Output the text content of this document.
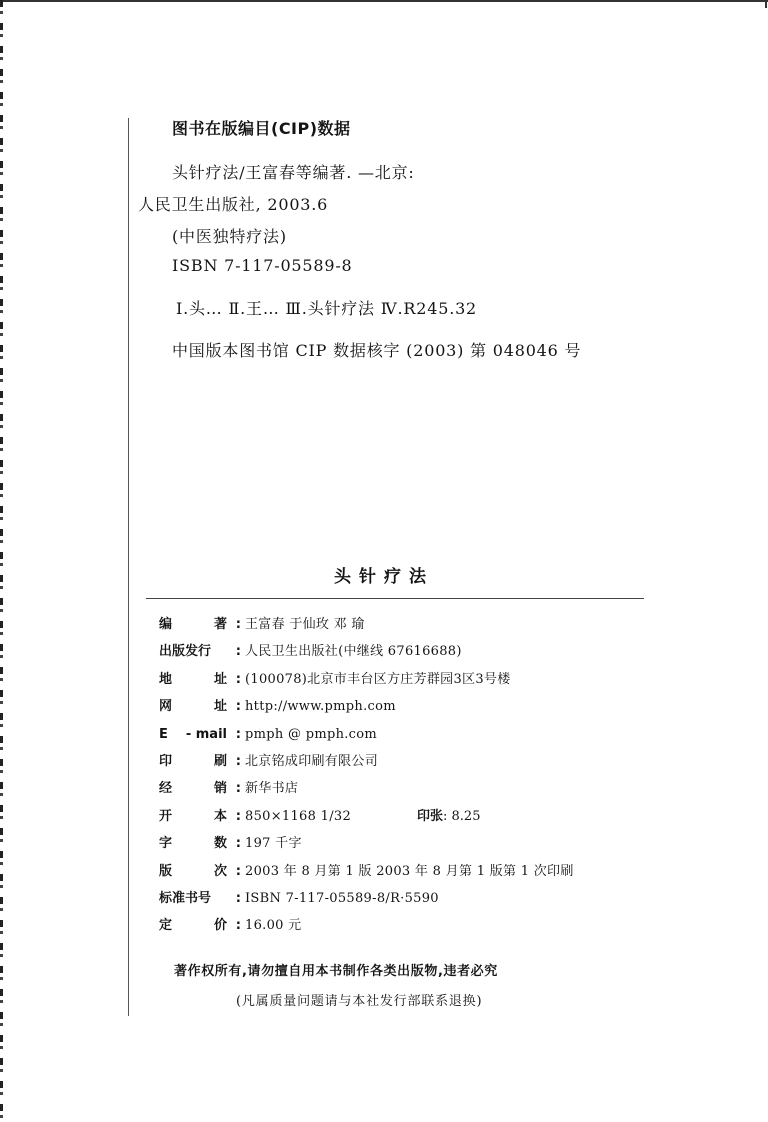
图书在版编目(CIP)数据
头针疗法/王富春等编著. —北京:
人民卫生出版社, 2003.6
(中医独特疗法)
ISBN 7-117-05589-8
Ⅰ.头… Ⅱ.王… Ⅲ.头针疗法 Ⅳ.R245.32
中国版本图书馆 CIP 数据核字 (2003) 第 048046 号
头针疗法
编	著 : 王富春 于仙玫 邓 瑜
出版发行 : 人民卫生出版社(中继线 67616688)
地	址 : (100078)北京市丰台区方庄芳群园3区3号楼
网	址 : http://www.pmph.com
E - mail : pmph @ pmph.com
印	刷 : 北京铭成印刷有限公司
经	销 : 新华书店
开	本 : 850×1168 1/32	印张: 8.25
字	数 : 197 千字
版	次 : 2003 年 8 月第 1 版 2003 年 8 月第 1 版第 1 次印刷
标准书号 : ISBN 7-117-05589-8/R·5590
定	价 : 16.00 元
著作权所有,请勿擅自用本书制作各类出版物,违者必究
(凡属质量问题请与本社发行部联系退换)
